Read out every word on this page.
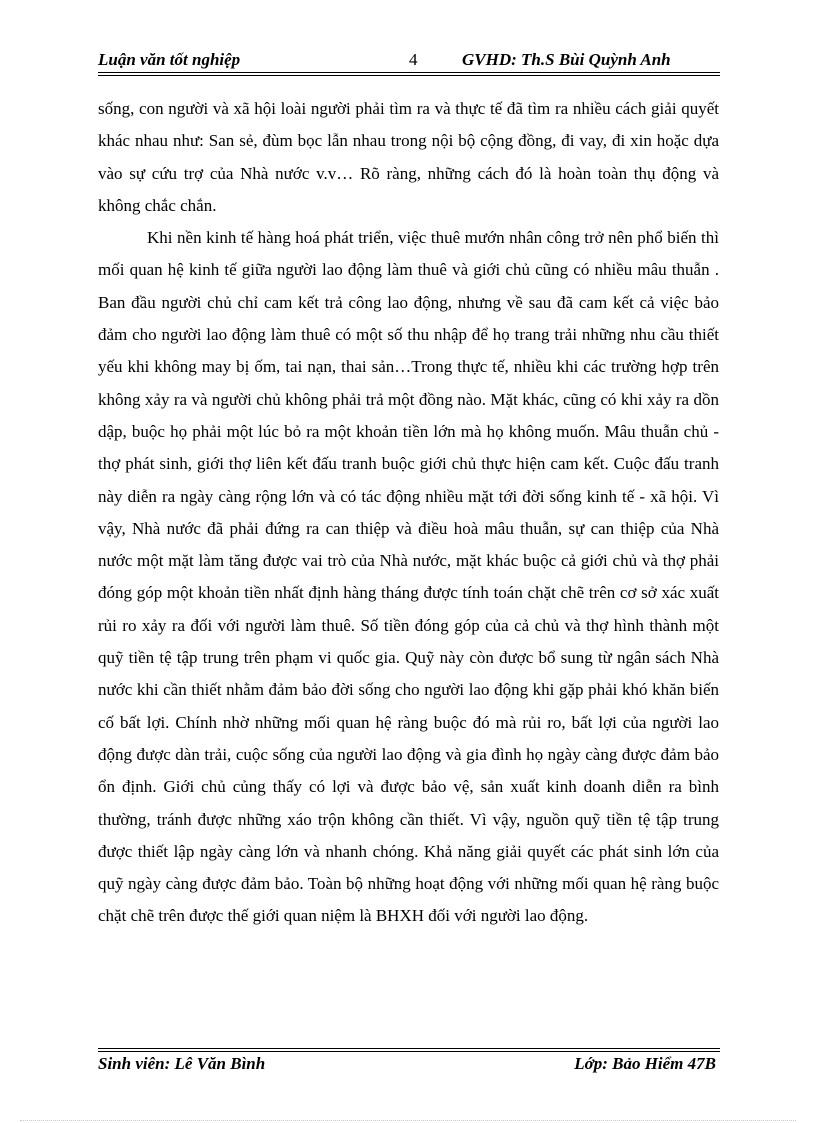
Luận văn tốt nghiệp	4	GVHD: Th.S Bùi Quỳnh Anh

sống, con người và xã hội loài người phải tìm ra và thực tế đã tìm ra nhiều cách giải quyết khác nhau như: San sẻ, đùm bọc lẫn nhau trong nội bộ cộng đồng, đi vay, đi xin hoặc dựa vào sự cứu trợ của Nhà nước v.v… Rõ ràng, những cách đó là hoàn toàn thụ động và không chắc chắn.

Khi nền kinh tế hàng hoá phát triển, việc thuê mướn nhân công trở nên phổ biến thì mối quan hệ kinh tế giữa người lao động làm thuê và giới chủ cũng có nhiều mâu thuẫn . Ban đầu người chủ chỉ cam kết trả công lao động, nhưng về sau đã cam kết cả việc bảo đảm cho người lao động làm thuê có một số thu nhập để họ trang trải những nhu cầu thiết yếu khi không may bị ốm, tai nạn, thai sản…Trong thực tế, nhiều khi các trường hợp trên không xảy ra và người chủ không phải trả một đồng nào. Mặt khác, cũng có khi xảy ra dồn dập, buộc họ phải một lúc bỏ ra một khoản tiền lớn mà họ không muốn. Mâu thuẫn chủ - thợ phát sinh, giới thợ liên kết đấu tranh buộc giới chủ thực hiện cam kết. Cuộc đấu tranh này diễn ra ngày càng rộng lớn và có tác động nhiều mặt tới đời sống kinh tế - xã hội. Vì vậy, Nhà nước đã phải đứng ra can thiệp và điều hoà mâu thuẫn, sự can thiệp của Nhà nước một mặt làm tăng được vai trò của Nhà nước, mặt khác buộc cả giới chủ và thợ phải đóng góp một khoản tiền nhất định hàng tháng được tính toán chặt chẽ trên cơ sở xác xuất rủi ro xảy ra đối với người làm thuê. Số tiền đóng góp của cả chủ và thợ hình thành một quỹ tiền tệ tập trung trên phạm vi quốc gia. Quỹ này còn được bổ sung từ ngân sách Nhà nước khi cần thiết nhằm đảm bảo đời sống cho người lao động khi gặp phải khó khăn biến cố bất lợi. Chính nhờ những mối quan hệ ràng buộc đó mà rủi ro, bất lợi của người lao động được dàn trải, cuộc sống của người lao động và gia đình họ ngày càng được đảm bảo ổn định. Giới chủ củng thấy có lợi và được bảo vệ, sản xuất kinh doanh diễn ra bình thường, tránh được những xáo trộn không cần thiết. Vì vậy, nguồn quỹ tiền tệ tập trung được thiết lập ngày càng lớn và nhanh chóng. Khả năng giải quyết các phát sinh lớn của quỹ ngày càng được đảm bảo. Toàn bộ những hoạt động với những mối quan hệ ràng buộc chặt chẽ trên được thế giới quan niệm là BHXH đối với người lao động.

Sinh viên: Lê Văn Bình	Lớp: Bảo Hiểm 47B
